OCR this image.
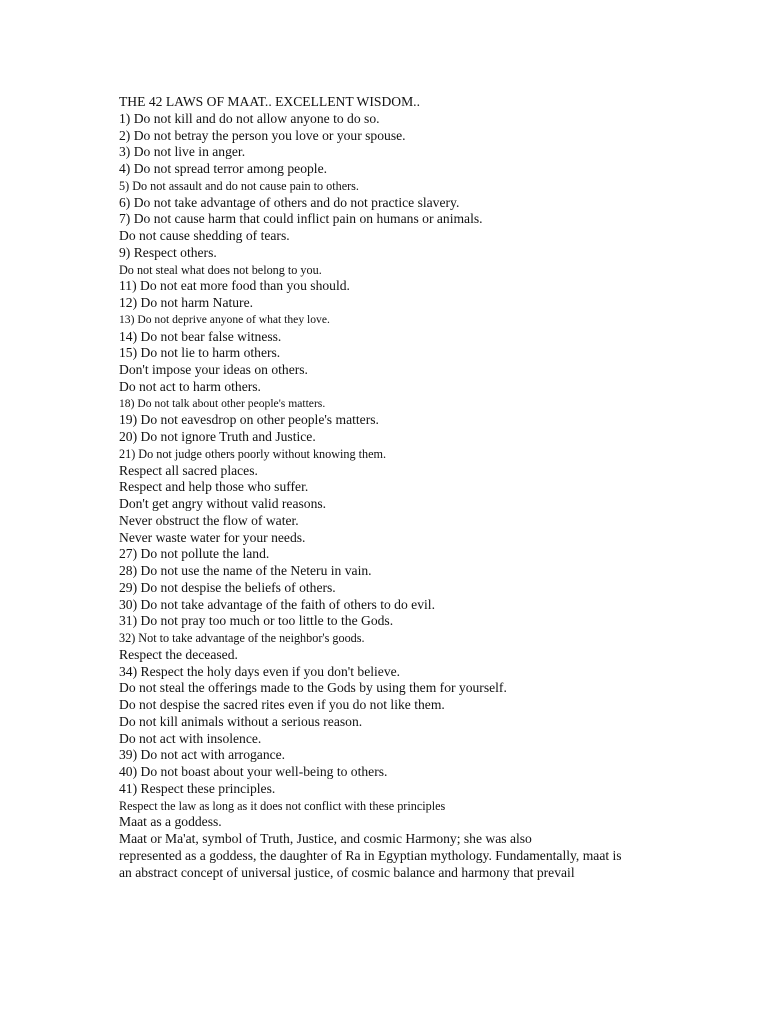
THE 42 LAWS OF MAAT.. EXCELLENT WISDOM..
1) Do not kill and do not allow anyone to do so.
2) Do not betray the person you love or your spouse.
3) Do not live in anger.
4) Do not spread terror among people.
5) Do not assault and do not cause pain to others.
6) Do not take advantage of others and do not practice slavery.
7) Do not cause harm that could inflict pain on humans or animals.
Do not cause shedding of tears.
9) Respect others.
Do not steal what does not belong to you.
11) Do not eat more food than you should.
12) Do not harm Nature.
13) Do not deprive anyone of what they love.
14) Do not bear false witness.
15) Do not lie to harm others.
Don't impose your ideas on others.
Do not act to harm others.
18) Do not talk about other people's matters.
19) Do not eavesdrop on other people's matters.
20) Do not ignore Truth and Justice.
21) Do not judge others poorly without knowing them.
Respect all sacred places.
Respect and help those who suffer.
Don't get angry without valid reasons.
Never obstruct the flow of water.
Never waste water for your needs.
27) Do not pollute the land.
28) Do not use the name of the Neteru in vain.
29) Do not despise the beliefs of others.
30) Do not take advantage of the faith of others to do evil.
31) Do not pray too much or too little to the Gods.
32) Not to take advantage of the neighbor's goods.
Respect the deceased.
34) Respect the holy days even if you don't believe.
Do not steal the offerings made to the Gods by using them for yourself.
Do not despise the sacred rites even if you do not like them.
Do not kill animals without a serious reason.
Do not act with insolence.
39) Do not act with arrogance.
40) Do not boast about your well-being to others.
41) Respect these principles.
Respect the law as long as it does not conflict with these principles
Maat as a goddess.
Maat or Ma'at, symbol of Truth, Justice, and cosmic Harmony; she was also
represented as a goddess, the daughter of Ra in Egyptian mythology. Fundamentally, maat is
an abstract concept of universal justice, of cosmic balance and harmony that prevail
